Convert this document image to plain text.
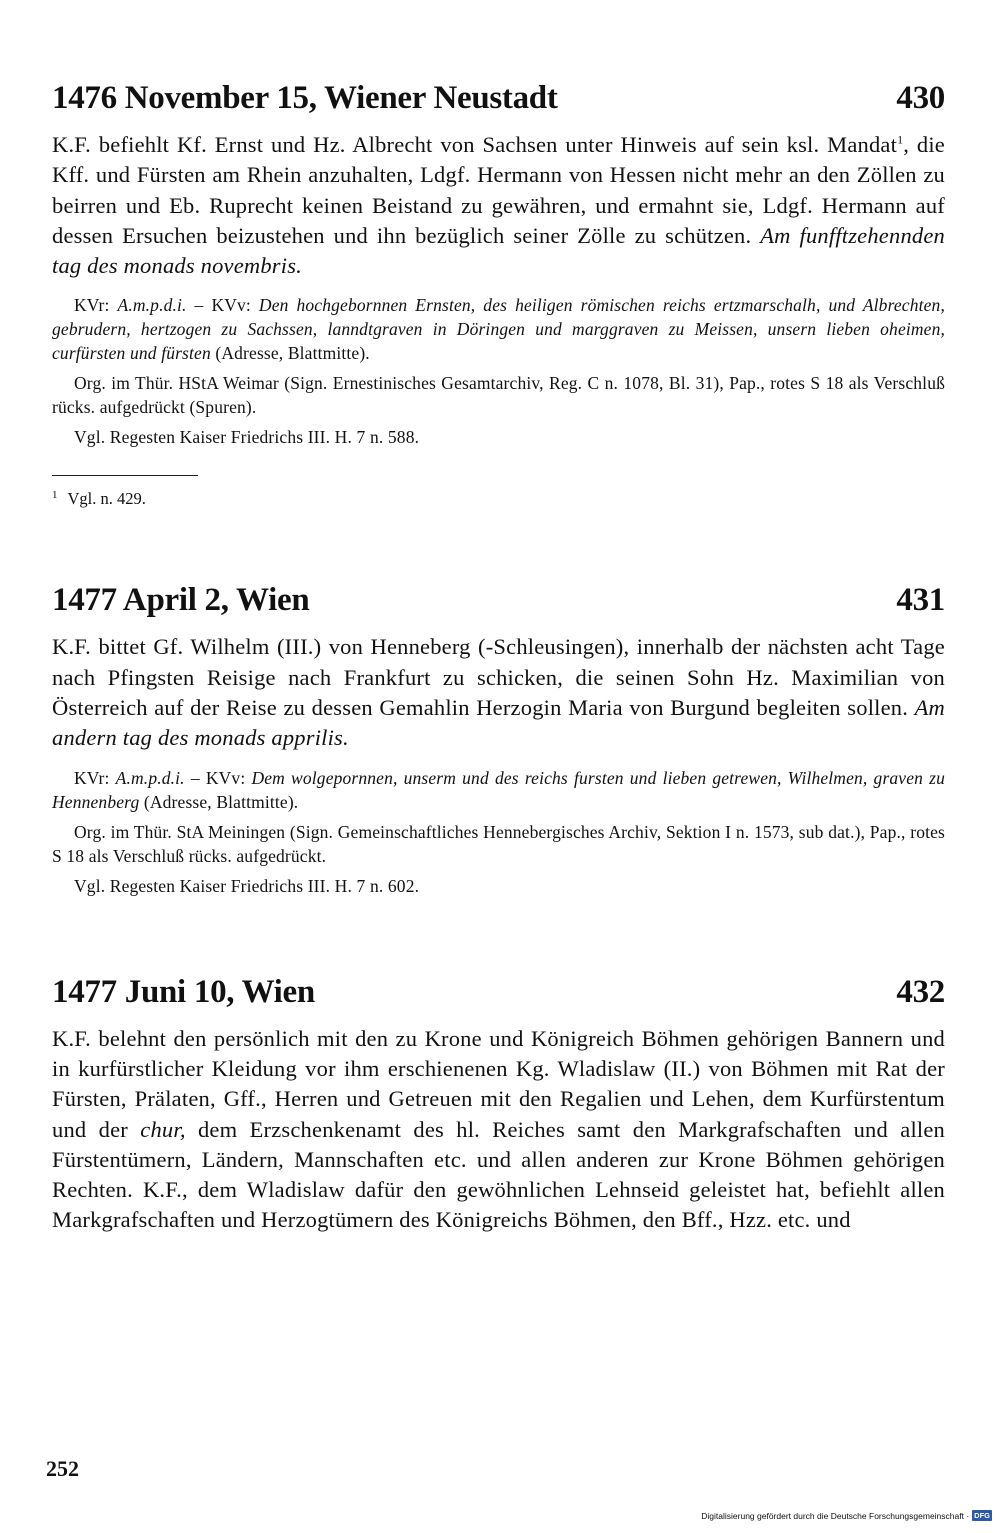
1476 November 15, Wiener Neustadt	430

K.F. befiehlt Kf. Ernst und Hz. Albrecht von Sachsen unter Hinweis auf sein ksl. Mandat$^1$, die Kff. und Fürsten am Rhein anzuhalten, Ldgf. Hermann von Hessen nicht mehr an den Zöllen zu beirren und Eb. Ruprecht keinen Beistand zu gewähren, und ermahnt sie, Ldgf. Hermann auf dessen Ersuchen beizustehen und ihn bezüglich seiner Zölle zu schützen. Am funfftzehennden tag des monads novembris.

KVr: A.m.p.d.i. – KVv: Den hochgebornnen Ernsten, des heiligen römischen reichs ertzmarschalh, und Albrechten, gebrudern, hertzogen zu Sachssen, lanndtgraven in Döringen und marggraven zu Meissen, unsern lieben oheimen, curfürsten und fürsten (Adresse, Blattmitte).

Org. im Thür. HStA Weimar (Sign. Ernestinisches Gesamtarchiv, Reg. C n. 1078, Bl. 31), Pap., rotes S 18 als Verschluß rücks. aufgedrückt (Spuren).

Vgl. Regesten Kaiser Friedrichs III. H. 7 n. 588.

$^1$ Vgl. n. 429.
1477 April 2, Wien	431

K.F. bittet Gf. Wilhelm (III.) von Henneberg (-Schleusingen), innerhalb der nächsten acht Tage nach Pfingsten Reisige nach Frankfurt zu schicken, die seinen Sohn Hz. Maximilian von Österreich auf der Reise zu dessen Gemahlin Herzogin Maria von Burgund begleiten sollen. Am andern tag des monads apprilis.

KVr: A.m.p.d.i. – KVv: Dem wolgepornnen, unserm und des reichs fursten und lieben getrewen, Wilhelmen, graven zu Hennenberg (Adresse, Blattmitte).

Org. im Thür. StA Meiningen (Sign. Gemeinschaftliches Hennebergisches Archiv, Sektion I n. 1573, sub dat.), Pap., rotes S 18 als Verschluß rücks. aufgedrückt.

Vgl. Regesten Kaiser Friedrichs III. H. 7 n. 602.

1477 Juni 10, Wien	432

K.F. belehnt den persönlich mit den zu Krone und Königreich Böhmen gehörigen Bannern und in kurfürstlicher Kleidung vor ihm erschienenen Kg. Wladislaw (II.) von Böhmen mit Rat der Fürsten, Prälaten, Gff., Herren und Getreuen mit den Regalien und Lehen, dem Kurfürstentum und der chur, dem Erzschenkenamt des hl. Reiches samt den Markgrafschaften und allen Fürstentümern, Ländern, Mannschaften etc. und allen anderen zur Krone Böhmen gehörigen Rechten. K.F., dem Wladislaw dafür den gewöhnlichen Lehnseid geleistet hat, befiehlt allen Markgrafschaften und Herzogtümern des Königreichs Böhmen, den Bff., Hzz. etc. und

252
Digitalisierung gefördert durch die Deutsche Forschungsgemeinschaft · DFG
